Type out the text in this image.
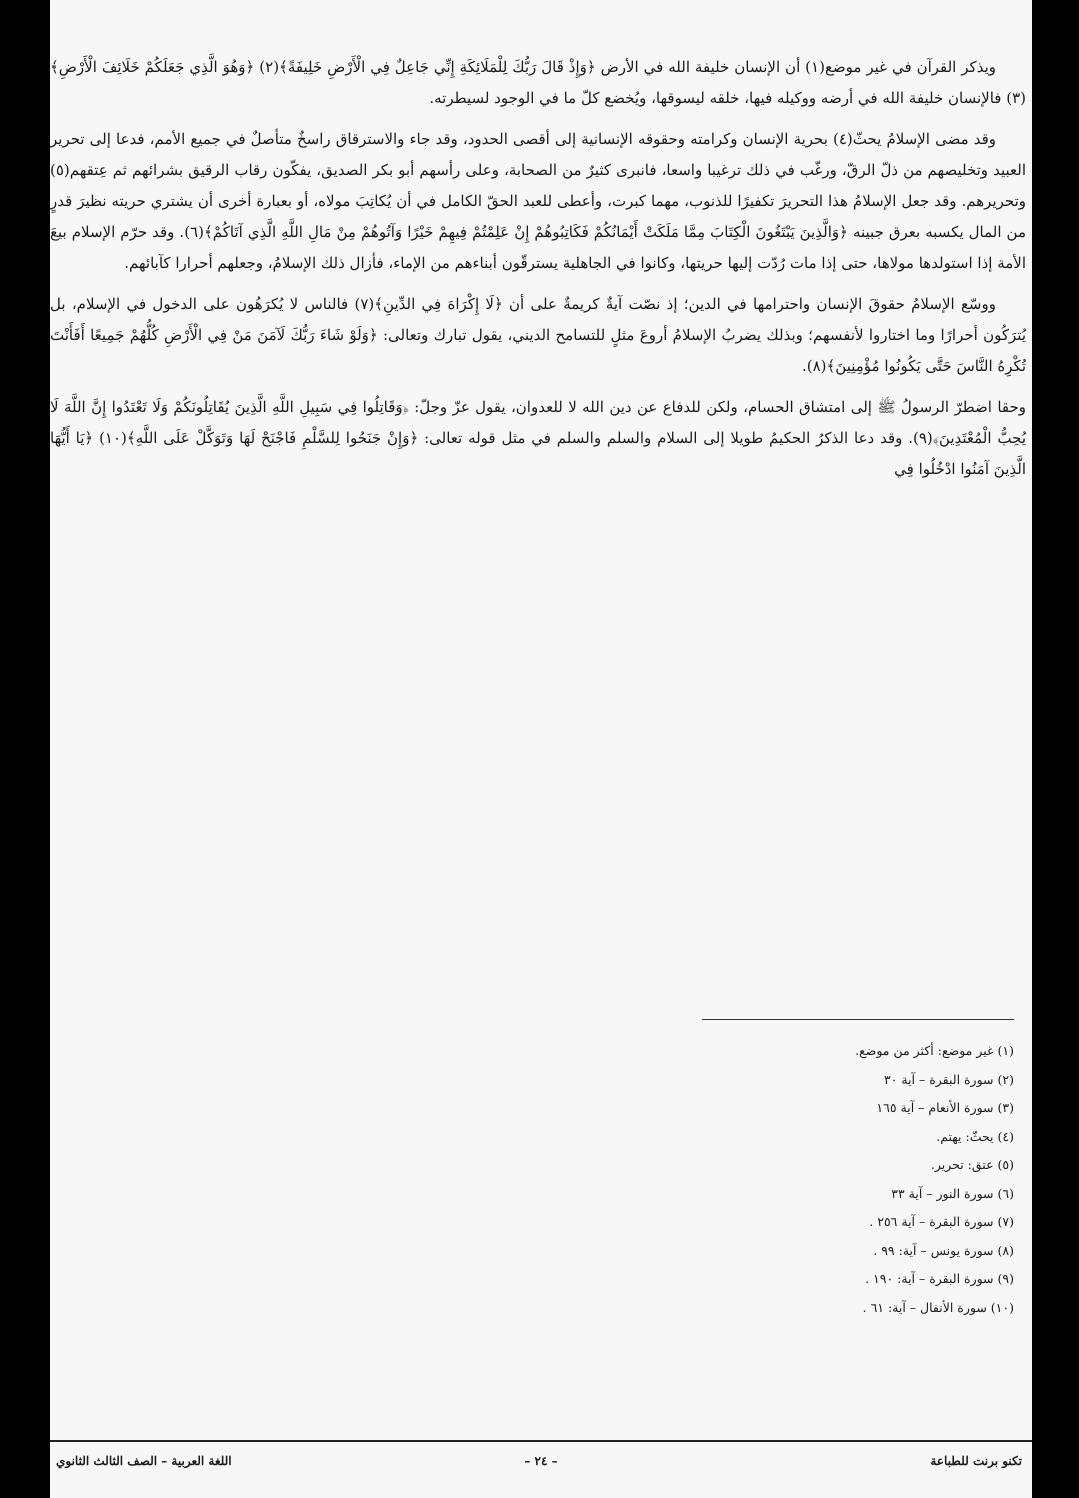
ويذكر القرآن في غير موضع(١) أن الإنسان خليفة الله في الأرض ﴿وَإِذْ قَالَ رَبُّكَ لِلْمَلَائِكَةِ إِنِّي جَاعِلٌ فِي الْأَرْضِ خَلِيفَةً﴾(٢) ﴿وَهُوَ الَّذِي جَعَلَكُمْ خَلَائِفَ الْأَرْضِ﴾(٣) فالإنسان خليفة الله في أرضه ووكيله فيها، خلقه ليسوقها، ويُخضع كلّ ما في الوجود لسيطرته.

وقد مضى الإسلامُ يحثّ(٤) بحرية الإنسان وكرامته وحقوقه الإنسانية إلى أقصى الحدود، وقد جاء والاسترقاق راسخٌ متأصلٌ في جميع الأمم، فدعا إلى تحرير العبيد وتخليصهم من ذلّ الرقّ، ورغّب في ذلك ترغيبا واسعا، فانبرى كثيرٌ من الصحابة، وعلى رأسهم أبو بكر الصديق، يفكّون رقاب الرقيق بشرائهم ثم عِتقهم(٥) وتحريرهم. وقد جعل الإسلامُ هذا التحريرَ تكفيرًا للذنوب، مهما كبرت، وأعطى للعبد الحقّ الكامل في أن يُكاتِبَ مولاه، أو بعبارة أخرى أن يشتري حريته نظيرَ قدرٍ من المال يكسبه بعرق جبينه ﴿وَالَّذِينَ يَبْتَغُونَ الْكِتَابَ مِمَّا مَلَكَتْ أَيْمَانُكُمْ فَكَاتِبُوهُمْ إِنْ عَلِمْتُمْ فِيهِمْ خَيْرًا وَآتُوهُمْ مِنْ مَالِ اللَّهِ الَّذِي آتَاكُمْ﴾(٦). وقد حرّم الإسلام بيعَ الأمة إذا استولدها مولاها، حتى إذا مات رُدّت إليها حريتها، وكانوا في الجاهلية يسترقّون أبناءهم من الإماء، فأزال ذلك الإسلامُ، وجعلهم أحرارا كآبائهم.

ووسّع الإسلامُ حقوقَ الإنسان واحترامها في الدين؛ إذ نصّت آيةٌ كريمةٌ على أن ﴿لَا إِكْرَاهَ فِي الدِّينِ﴾(٧) فالناس لا يُكرَهُون على الدخول في الإسلام، بل يُترَكُون أحرارًا وما اختاروا لأنفسهم؛ وبذلك يضربُ الإسلامُ أروعَ مثلٍ للتسامح الديني، يقول تبارك وتعالى: ﴿وَلَوْ شَاءَ رَبُّكَ لَآمَنَ مَنْ فِي الْأَرْضِ كُلُّهُمْ جَمِيعًا أَفَأَنْتَ تُكْرِهُ النَّاسَ حَتَّى يَكُونُوا مُؤْمِنِينَ﴾(٨).

وحقا اضطرّ الرسولُ ﷺ إلى امتشاق الحسام، ولكن للدفاع عن دين الله لا للعدوان، يقول عزّ وجلّ: ﴿وَقَاتِلُوا فِي سَبِيلِ اللَّهِ الَّذِينَ يُقَاتِلُونَكُمْ وَلَا تَعْتَدُوا إِنَّ اللَّهَ لَا يُحِبُّ الْمُعْتَدِينَ﴾(٩). وقد دعا الذكرُ الحكيمُ طويلا إلى السلام والسلم والسلم في مثل قوله تعالى: ﴿وَإِنْ جَنَحُوا لِلسَّلْمِ فَاجْنَحْ لَهَا وَتَوَكَّلْ عَلَى اللَّهِ﴾(١٠) ﴿يَا أَيُّهَا الَّذِينَ آمَنُوا ادْخُلُوا فِي

(١) غير موضع: أكثر من موضع.
(٢) سورة البقرة – آية ٣٠
(٣) سورة الأنعام – آية ١٦٥
(٤) يحثّ: يهتم.
(٥) عتق: تحرير.
(٦) سورة النور – آية ٣٣
(٧) سورة البقرة – آية ٢٥٦ .
(٨) سورة يونس – آية: ٩٩ .
(٩) سورة البقرة – آية: ١٩٠ .
(١٠) سورة الأنفال – آية: ٦١ .
تكنو برنت للطباعة
– ٢٤ –
اللغة العربية – الصف الثالث الثانوي
